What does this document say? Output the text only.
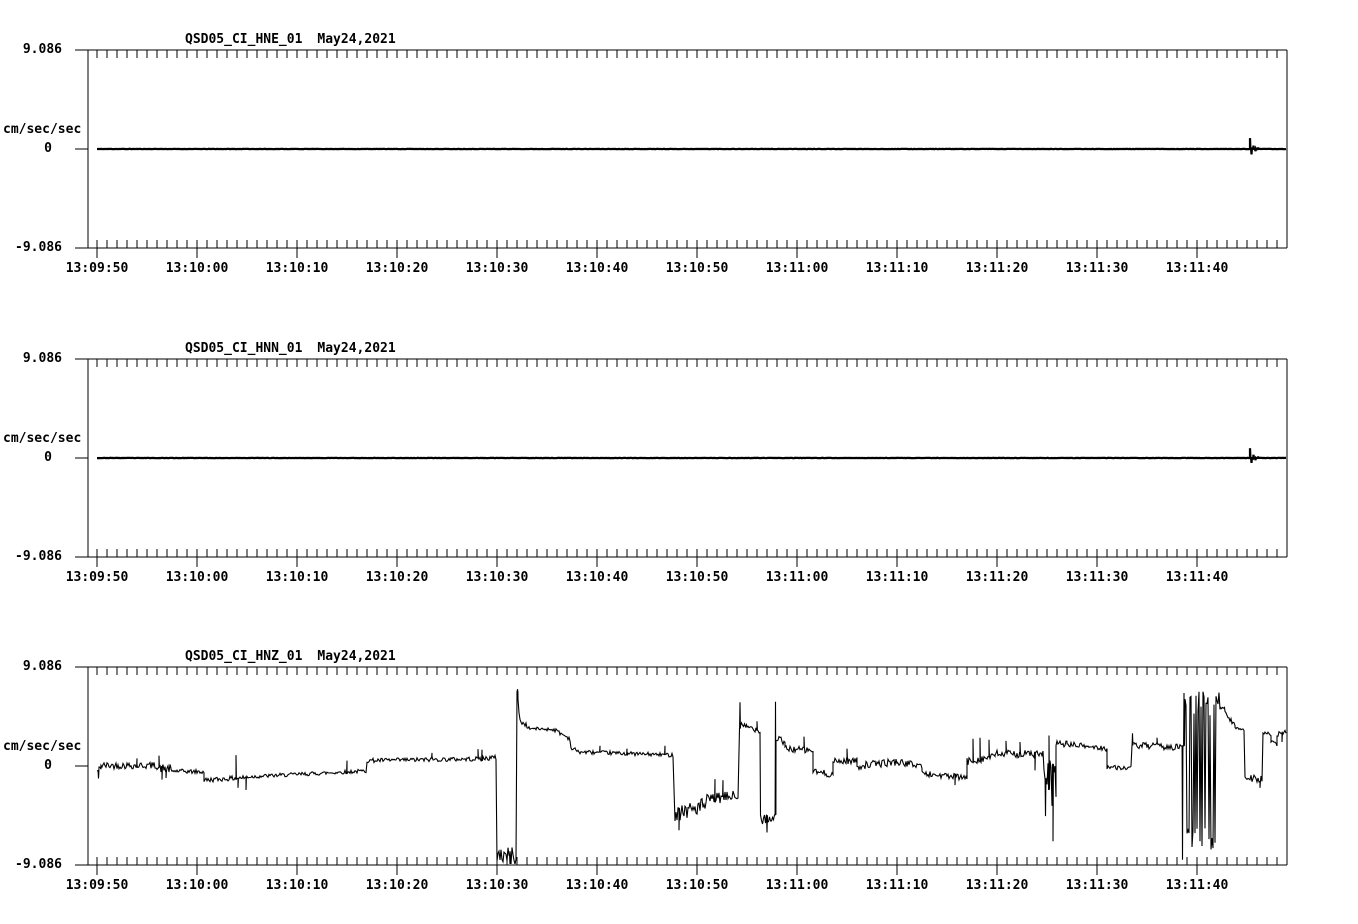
QSD05_CI_HNE_01 May24,2021
9.086
cm/sec/sec
0
-9.086
QSD05_CI_HNN_01 May24,2021
9.086
cm/sec/sec
0
-9.086
QSD05_CI_HNZ_01 May24,2021
9.086
cm/sec/sec
0
-9.086
13:09:50	13:10:00	13:10:10	13:10:20	13:10:30	13:10:40	13:10:50	13:11:00	13:11:10	13:11:20	13:11:30	13:11:40
13:09:50	13:10:00	13:10:10	13:10:20	13:10:30	13:10:40	13:10:50	13:11:00	13:11:10	13:11:20	13:11:30	13:11:40
13:09:50	13:10:00	13:10:10	13:10:20	13:10:30	13:10:40	13:10:50	13:11:00	13:11:10	13:11:20	13:11:30	13:11:40
